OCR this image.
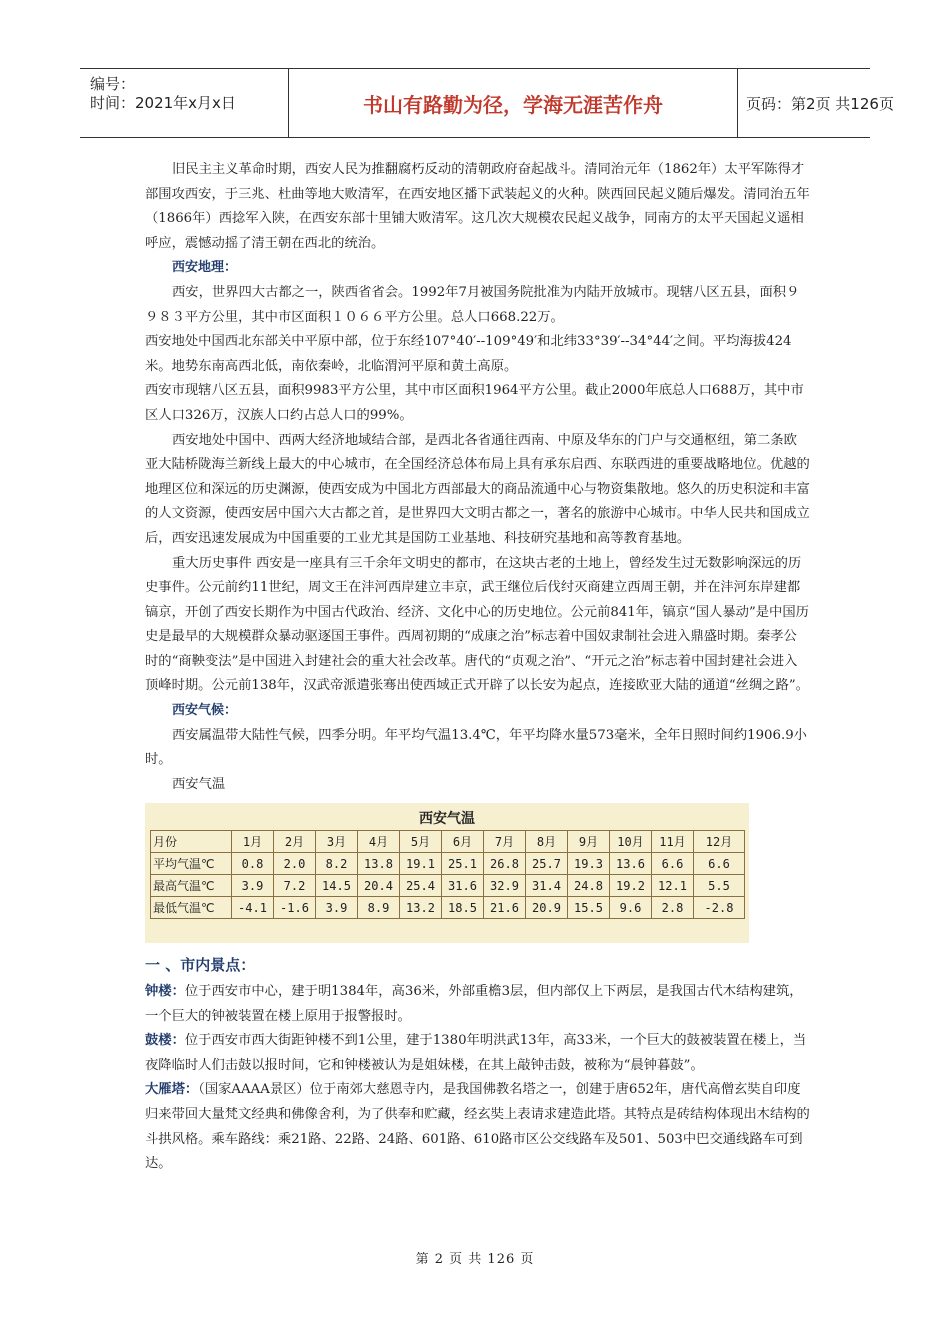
编号：
时间：2021年x月x日	书山有路勤为径，学海无涯苦作舟	页码：第2页 共126页

旧民主主义革命时期，西安人民为推翻腐朽反动的清朝政府奋起战斗。清同治元年（1862年）太平军陈得才部围攻西安，于三兆、杜曲等地大败清军，在西安地区播下武装起义的火种。陕西回民起义随后爆发。清同治五年（1866年）西捻军入陕，在西安东部十里铺大败清军。这几次大规模农民起义战争，同南方的太平天国起义遥相呼应，震憾动摇了清王朝在西北的统治。

西安地理：

西安，世界四大古都之一，陕西省省会。1992年7月被国务院批准为内陆开放城市。现辖八区五县，面积９９８３平方公里，其中市区面积１０６６平方公里。总人口668.22万。

西安地处中国西北东部关中平原中部，位于东经107°40′--109°49′和北纬33°39′--34°44′之间。平均海拔424米。地势东南高西北低，南依秦岭，北临渭河平原和黄土高原。

西安市现辖八区五县，面积9983平方公里，其中市区面积1964平方公里。截止2000年底总人口688万，其中市区人口326万，汉族人口约占总人口的99%。

西安地处中国中、西两大经济地域结合部，是西北各省通往西南、中原及华东的门户与交通枢纽，第二条欧亚大陆桥陇海兰新线上最大的中心城市，在全国经济总体布局上具有承东启西、东联西进的重要战略地位。优越的地理区位和深远的历史渊源，使西安成为中国北方西部最大的商品流通中心与物资集散地。悠久的历史积淀和丰富的人文资源，使西安居中国六大古都之首，是世界四大文明古都之一，著名的旅游中心城市。中华人民共和国成立后，西安迅速发展成为中国重要的工业尤其是国防工业基地、科技研究基地和高等教育基地。

重大历史事件 西安是一座具有三千余年文明史的都市，在这块古老的土地上，曾经发生过无数影响深远的历史事件。公元前约11世纪，周文王在沣河西岸建立丰京，武王继位后伐纣灭商建立西周王朝，并在沣河东岸建都镐京，开创了西安长期作为中国古代政治、经济、文化中心的历史地位。公元前841年，镐京“国人暴动”是中国历史是最早的大规模群众暴动驱逐国王事件。西周初期的“成康之治”标志着中国奴隶制社会进入鼎盛时期。秦孝公时的“商鞅变法”是中国进入封建社会的重大社会改革。唐代的“贞观之治”、“开元之治”标志着中国封建社会进入顶峰时期。公元前138年，汉武帝派遣张骞出使西域正式开辟了以长安为起点，连接欧亚大陆的通道“丝绸之路”。

西安气候：

西安属温带大陆性气候，四季分明。年平均气温13.4℃，年平均降水量573毫米，全年日照时间约1906.9小时。

西安气温

西安气温
月份	1月	2月	3月	4月	5月	6月	7月	8月	9月	10月	11月	12月
平均气温℃	0.8	2.0	8.2	13.8	19.1	25.1	26.8	25.7	19.3	13.6	6.6	6.6
最高气温℃	3.9	7.2	14.5	20.4	25.4	31.6	32.9	31.4	24.8	19.2	12.1	5.5
最低气温℃	-4.1	-1.6	3.9	8.9	13.2	18.5	21.6	20.9	15.5	9.6	2.8	-2.8

一 、市内景点：

钟楼：位于西安市中心，建于明1384年，高36米，外部重檐3层，但内部仅上下两层，是我国古代木结构建筑，一个巨大的钟被装置在楼上原用于报警报时。

鼓楼：位于西安市西大街距钟楼不到1公里，建于1380年明洪武13年，高33米，一个巨大的鼓被装置在楼上，当夜降临时人们击鼓以报时间，它和钟楼被认为是姐妹楼，在其上敲钟击鼓，被称为“晨钟暮鼓”。

大雁塔：（国家AAAA景区）位于南郊大慈恩寺内，是我国佛教名塔之一，创建于唐652年，唐代高僧玄奘自印度归来带回大量梵文经典和佛像舍利，为了供奉和贮藏，经玄奘上表请求建造此塔。其特点是砖结构体现出木结构的斗拱风格。乘车路线：乘21路、22路、24路、601路、610路市区公交线路车及501、503中巴交通线路车可到达。

第 2 页 共 126 页
